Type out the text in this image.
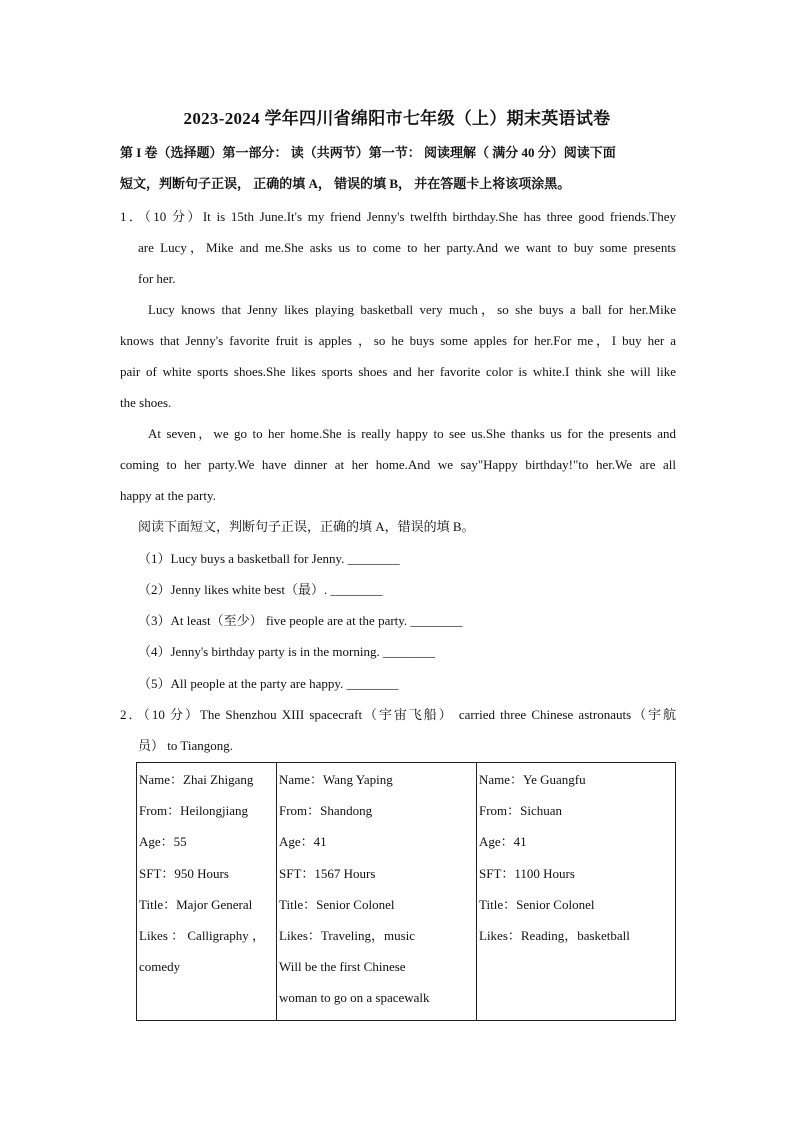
2023-2024 学年四川省绵阳市七年级（上）期末英语试卷
第 I 卷（选择题）第一部分： 读（共两节）第一节： 阅读理解（ 满分 40 分）阅读下面
短文，判断句子正误， 正确的填 A， 错误的填 B， 并在答题卡上将该项涂黑。
1．（10 分）It is 15th June.It's my friend Jenny's twelfth birthday.She has three good friends.They
are Lucy，Mike and me.She asks us to come to her party.And we want to buy some presents
for her.
Lucy knows that Jenny likes playing basketball very much，so she buys a ball for her.Mike
knows that Jenny's favorite fruit is apples ，so he buys some apples for her.For me，I buy her a
pair of white sports shoes.She likes sports shoes and her favorite color is white.I think she will like
the shoes.
At seven，we go to her home.She is really happy to see us.She thanks us for the presents and
coming to her party.We have dinner at her home.And we say"Happy birthday!"to her.We are all
happy at the party.
阅读下面短文，判断句子正误，正确的填 A，错误的填 B。
（1）Lucy buys a basketball for Jenny. ________
（2）Jenny likes white best（最）. ________
（3）At least（至少） five people are at the party. ________
（4）Jenny's birthday party is in the morning. ________
（5）All people at the party are happy. ________
2．（10 分）The Shenzhou XIII spacecraft（宇宙飞船） carried three Chinese astronauts（宇航
员） to Tiangong.
Name：Zhai Zhigang
From：Heilongjiang
Age：55
SFT：950 Hours
Title：Major General
Likes ： Calligraphy ，
comedy

Name：Wang Yaping
From：Shandong
Age：41
SFT：1567 Hours
Title：Senior Colonel
Likes：Traveling，music
Will be the first Chinese
woman to go on a spacewalk

Name：Ye Guangfu
From：Sichuan
Age：41
SFT：1100 Hours
Title：Senior Colonel
Likes：Reading，basketball
